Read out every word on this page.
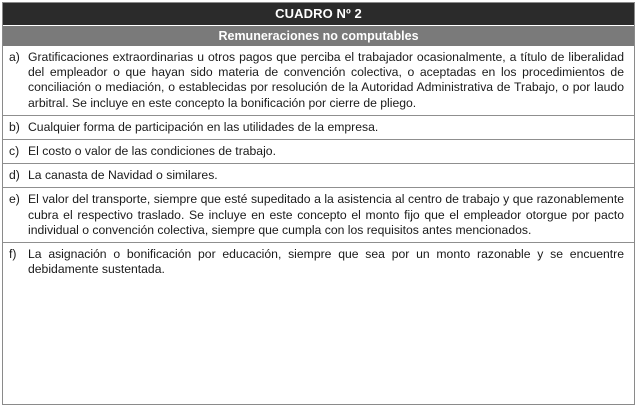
CUADRO Nº 2
Remuneraciones no computables
a) Gratificaciones extraordinarias u otros pagos que perciba el trabajador ocasionalmente, a título de liberalidad del empleador o que hayan sido materia de convención colectiva, o aceptadas en los procedimientos de conciliación o mediación, o establecidas por resolución de la Autoridad Administrativa de Trabajo, o por laudo arbitral. Se incluye en este concepto la bonificación por cierre de pliego.
b) Cualquier forma de participación en las utilidades de la empresa.
c) El costo o valor de las condiciones de trabajo.
d) La canasta de Navidad o similares.
e) El valor del transporte, siempre que esté supeditado a la asistencia al centro de trabajo y que razonablemente cubra el respectivo traslado. Se incluye en este concepto el monto fijo que el empleador otorgue por pacto individual o convención colectiva, siempre que cumpla con los requisitos antes mencionados.
f) La asignación o bonificación por educación, siempre que sea por un monto razonable y se encuentre debidamente sustentada.
